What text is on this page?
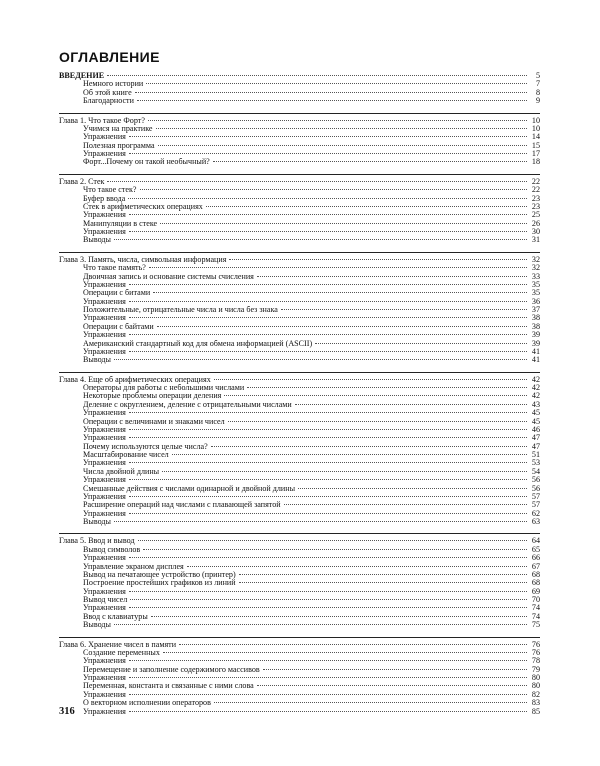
ОГЛАВЛЕНИЕ
ВВЕДЕНИЕ	5
Немного истории	7
Об этой книге	8
Благодарности	9
Глава 1. Что такое Форт?	10
Учимся на практике	10
Упражнения	14
Полезная программа	15
Упражнения	17
Форт...Почему он такой необычный?	18
Глава 2. Стек	22
Что такое стек?	22
Буфер ввода	23
Стек в арифметических операциях	23
Упражнения	25
Манипуляции в стеке	26
Упражнения	30
Выводы	31
Глава 3. Память, числа, символьная информация	32
Что такое память?	32
Двоичная запись и основание системы счисления	33
Упражнения	35
Операции с битами	35
Упражнения	36
Положительные, отрицательные числа и числа без знака	37
Упражнения	38
Операции с байтами	38
Упражнения	39
Американский стандартный код для обмена информацией (ASCII)	39
Упражнения	41
Выводы	41
Глава 4. Еще об арифметических операциях	42
Операторы для работы с небольшими числами	42
Некоторые проблемы операции деления	42
Деление с округлением, деление с отрицательными числами	43
Упражнения	45
Операции с величинами и знаками чисел	45
Упражнения	46
Упражнения	47
Почему используются целые числа?	47
Масштабирование чисел	51
Упражнения	53
Числа двойной длины	54
Упражнения	56
Смешанные действия с числами одинарной и двойной длины	56
Упражнения	57
Расширение операций над числами с плавающей запятой	57
Упражнения	62
Выводы	63
Глава 5. Ввод и вывод	64
Вывод символов	65
Упражнения	66
Управление экраном дисплея	67
Вывод на печатающее устройство (принтер)	68
Построение простейших графиков из линий	68
Упражнения	69
Вывод чисел	70
Упражнения	74
Ввод с клавиатуры	74
Выводы	75
Глава 6. Хранение чисел в памяти	76
Создание переменных	76
Упражнения	78
Перемещение и заполнение содержимого массивов	79
Упражнения	80
Переменная, константа и связанные с ними слова	80
Упражнения	82
О векторном исполнении операторов	83
Упражнения	85
316
